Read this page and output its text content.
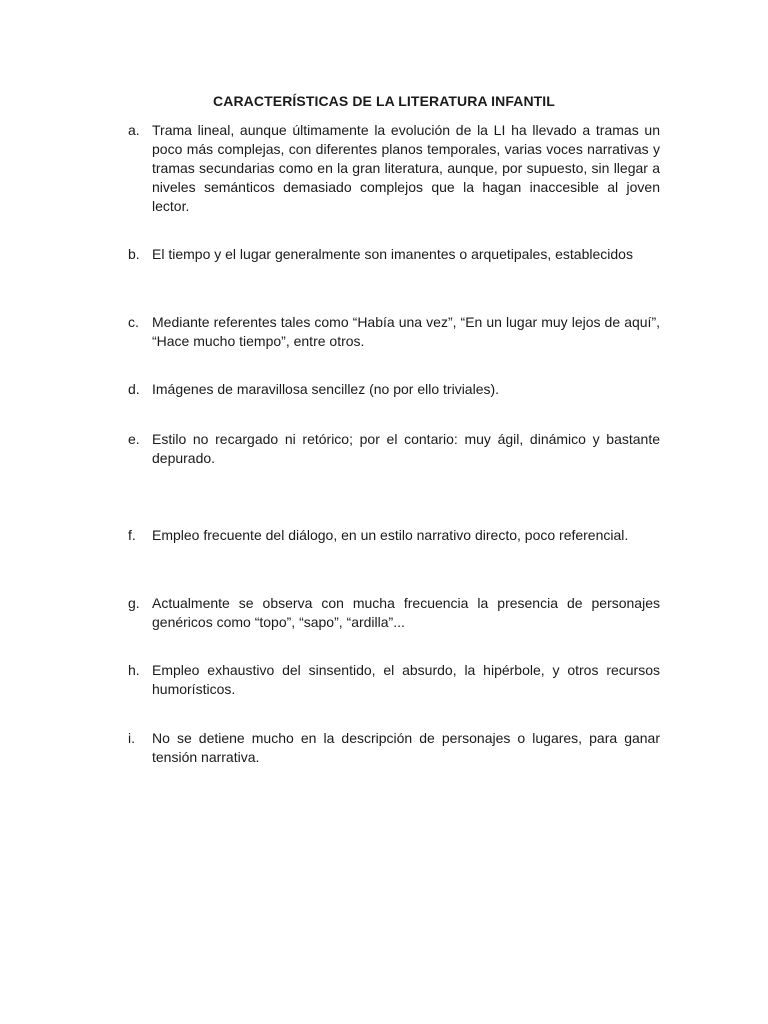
CARACTERÍSTICAS DE LA LITERATURA INFANTIL
a. Trama lineal, aunque últimamente la evolución de la LI ha llevado a tramas un poco más complejas, con diferentes planos temporales, varias voces narrativas y tramas secundarias como en la gran literatura, aunque, por supuesto, sin llegar a niveles semánticos demasiado complejos que la hagan inaccesible al joven lector.
b. El tiempo y el lugar generalmente son imanentes o arquetipales, establecidos
c. Mediante referentes tales como “Había una vez”, “En un lugar muy lejos de aquí”, “Hace mucho tiempo”, entre otros.
d. Imágenes de maravillosa sencillez (no por ello triviales).
e. Estilo no recargado ni retórico; por el contario: muy ágil, dinámico y bastante depurado.
f.	Empleo frecuente del diálogo, en un estilo narrativo directo, poco referencial.
g. Actualmente se observa con mucha frecuencia la presencia de personajes genéricos como “topo”, “sapo”, “ardilla”...
h. Empleo exhaustivo del sinsentido, el absurdo, la hipérbole, y otros recursos humorísticos.
i.	No se detiene mucho en la descripción de personajes o lugares, para ganar tensión narrativa.
